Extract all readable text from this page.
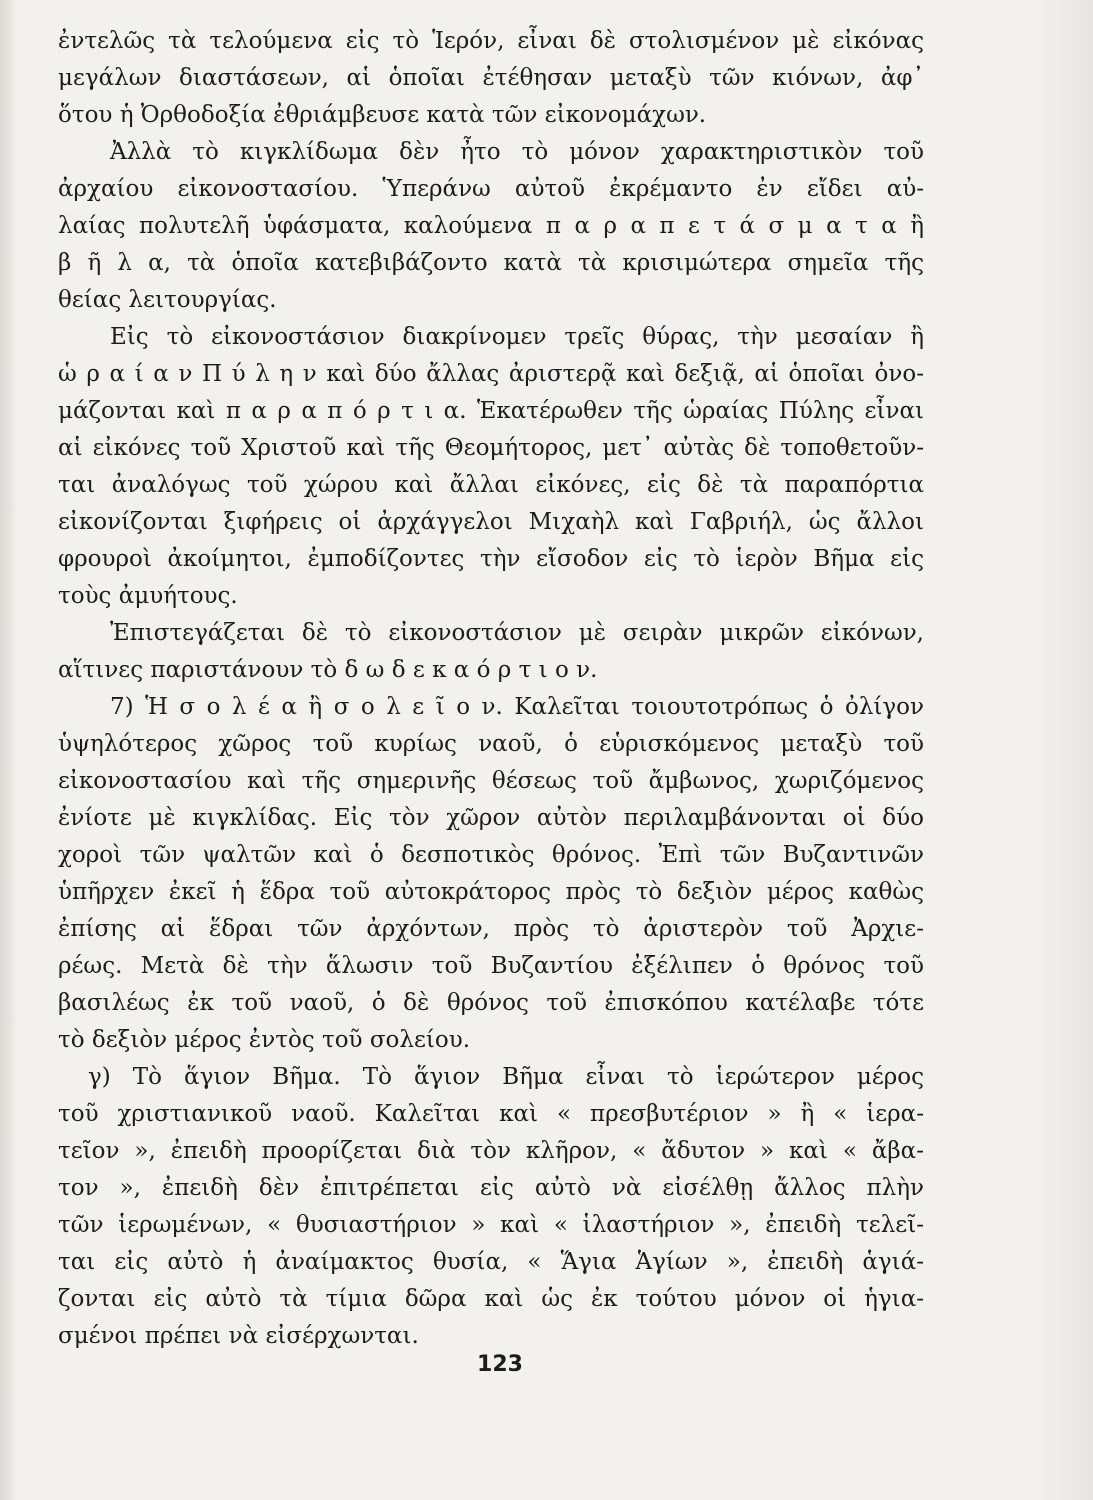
ἐντελῶς τὰ τελούμενα εἰς τὸ Ἱερόν, εἶναι δὲ στολισμένον μὲ εἰκόνας
μεγάλων διαστάσεων, αἱ ὁποῖαι ἐτέθησαν μεταξὺ τῶν κιόνων, ἀφ᾽
ὅτου ἡ Ὀρθοδοξία ἐθριάμβευσε κατὰ τῶν εἰκονομάχων.
Ἀλλὰ τὸ κιγκλίδωμα δὲν ἦτο τὸ μόνον χαρακτηριστικὸν τοῦ
ἀρχαίου εἰκονοστασίου. Ὑπεράνω αὐτοῦ ἐκρέμαντο ἐν εἴδει αὐ-
λαίας πολυτελῆ ὑφάσματα, καλούμενα π α ρ α π ε τ ά σ μ α τ α ἢ
β ῆ λ α, τὰ ὁποῖα κατεβιβάζοντο κατὰ τὰ κρισιμώτερα σημεῖα τῆς
θείας λειτουργίας.
Εἰς τὸ εἰκονοστάσιον διακρίνομεν τρεῖς θύρας, τὴν μεσαίαν ἢ
ὡ ρ α ί α ν Π ύ λ η ν καὶ δύο ἄλλας ἀριστερᾷ καὶ δεξιᾷ, αἱ ὁποῖαι ὀνο-
μάζονται καὶ π α ρ α π ό ρ τ ι α. Ἑκατέρωθεν τῆς ὡραίας Πύλης εἶναι
αἱ εἰκόνες τοῦ Χριστοῦ καὶ τῆς Θεομήτορος, μετ᾽ αὐτὰς δὲ τοποθετοῦν-
ται ἀναλόγως τοῦ χώρου καὶ ἄλλαι εἰκόνες, εἰς δὲ τὰ παραπόρτια
εἰκονίζονται ξιφήρεις οἱ ἀρχάγγελοι Μιχαὴλ καὶ Γαβριήλ, ὡς ἄλλοι
φρουροὶ ἀκοίμητοι, ἐμποδίζοντες τὴν εἴσοδον εἰς τὸ ἱερὸν Βῆμα εἰς
τοὺς ἀμυήτους.
Ἐπιστεγάζεται δὲ τὸ εἰκονοστάσιον μὲ σειρὰν μικρῶν εἰκόνων,
αἵτινες παριστάνουν τὸ δ ω δ ε κ α ό ρ τ ι ο ν.
7) Ἡ σ ο λ έ α ἢ σ ο λ ε ῖ ο ν. Καλεῖται τοιουτοτρόπως ὁ ὀλίγον
ὑψηλότερος χῶρος τοῦ κυρίως ναοῦ, ὁ εὑρισκόμενος μεταξὺ τοῦ
εἰκονοστασίου καὶ τῆς σημερινῆς θέσεως τοῦ ἄμβωνος, χωριζόμενος
ἐνίοτε μὲ κιγκλίδας. Εἰς τὸν χῶρον αὐτὸν περιλαμβάνονται οἱ δύο
χοροὶ τῶν ψαλτῶν καὶ ὁ δεσποτικὸς θρόνος. Ἐπὶ τῶν Βυζαντινῶν
ὑπῆρχεν ἐκεῖ ἡ ἕδρα τοῦ αὐτοκράτορος πρὸς τὸ δεξιὸν μέρος καθὼς
ἐπίσης αἱ ἕδραι τῶν ἀρχόντων, πρὸς τὸ ἀριστερὸν τοῦ Ἀρχιε-
ρέως. Μετὰ δὲ τὴν ἅλωσιν τοῦ Βυζαντίου ἐξέλιπεν ὁ θρόνος τοῦ
βασιλέως ἐκ τοῦ ναοῦ, ὁ δὲ θρόνος τοῦ ἐπισκόπου κατέλαβε τότε
τὸ δεξιὸν μέρος ἐντὸς τοῦ σολείου.
γ) Τὸ ἅγιον Βῆμα. Τὸ ἅγιον Βῆμα εἶναι τὸ ἱερώτερον μέρος
τοῦ χριστιανικοῦ ναοῦ. Καλεῖται καὶ « πρεσβυτέριον » ἢ « ἱερα-
τεῖον », ἐπειδὴ προορίζεται διὰ τὸν κλῆρον, « ἄδυτον » καὶ « ἄβα-
τον », ἐπειδὴ δὲν ἐπιτρέπεται εἰς αὐτὸ νὰ εἰσέλθῃ ἄλλος πλὴν
τῶν ἱερωμένων, « θυσιαστήριον » καὶ « ἱλαστήριον », ἐπειδὴ τελεῖ-
ται εἰς αὐτὸ ἡ ἀναίμακτος θυσία, « Ἅγια Ἁγίων », ἐπειδὴ ἁγιά-
ζονται εἰς αὐτὸ τὰ τίμια δῶρα καὶ ὡς ἐκ τούτου μόνον οἱ ἡγια-
σμένοι πρέπει νὰ εἰσέρχωνται.
123
